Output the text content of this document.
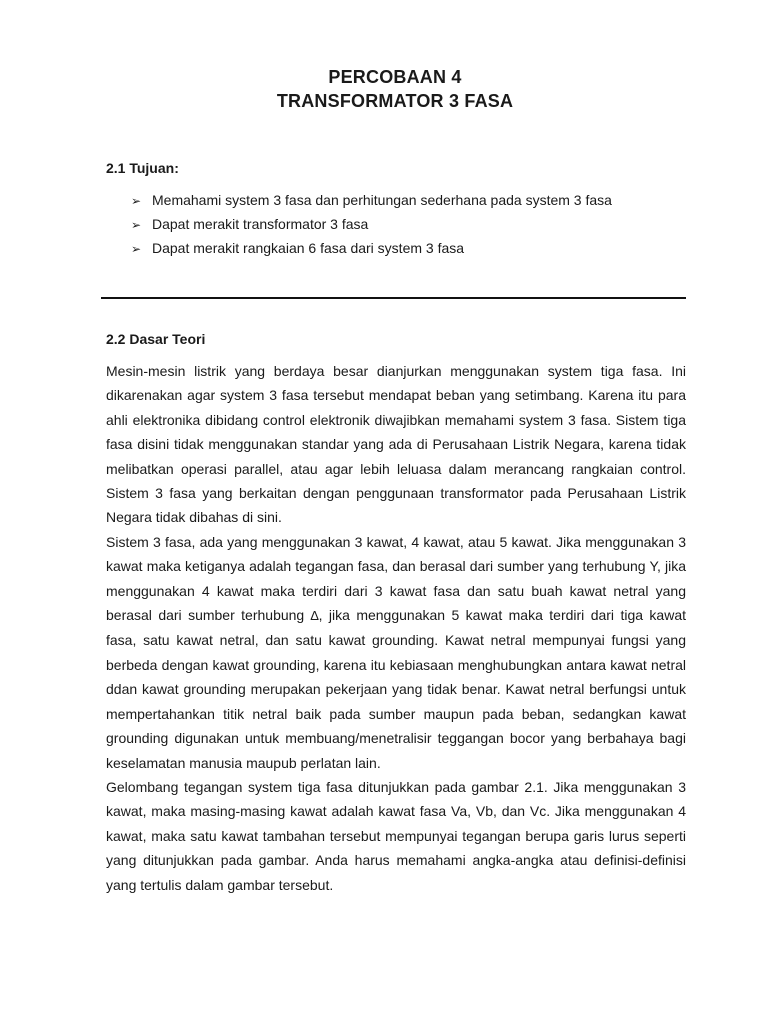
PERCOBAAN 4
TRANSFORMATOR 3 FASA
2.1 Tujuan:
➢ Memahami system 3 fasa dan perhitungan sederhana pada system 3 fasa
➢ Dapat merakit transformator 3 fasa
➢ Dapat merakit rangkaian 6 fasa dari system 3 fasa
2.2 Dasar Teori

Mesin-mesin listrik yang berdaya besar dianjurkan menggunakan system tiga fasa. Ini dikarenakan agar system 3 fasa tersebut mendapat beban yang setimbang. Karena itu para ahli elektronika dibidang control elektronik diwajibkan memahami system 3 fasa. Sistem tiga fasa disini tidak menggunakan standar yang ada di Perusahaan Listrik Negara, karena tidak melibatkan operasi parallel, atau agar lebih leluasa dalam merancang rangkaian control. Sistem 3 fasa yang berkaitan dengan penggunaan transformator pada Perusahaan Listrik Negara tidak dibahas di sini.

Sistem 3 fasa, ada yang menggunakan 3 kawat, 4 kawat, atau 5 kawat. Jika menggunakan 3 kawat maka ketiganya adalah tegangan fasa, dan berasal dari sumber yang terhubung Y, jika menggunakan 4 kawat maka terdiri dari 3 kawat fasa dan satu buah kawat netral yang berasal dari sumber terhubung ∆, jika menggunakan 5 kawat maka terdiri dari tiga kawat fasa, satu kawat netral, dan satu kawat grounding. Kawat netral mempunyai fungsi yang berbeda dengan kawat grounding, karena itu kebiasaan menghubungkan antara kawat netral ddan kawat grounding merupakan pekerjaan yang tidak benar. Kawat netral berfungsi untuk mempertahankan titik netral baik pada sumber maupun pada beban, sedangkan kawat grounding digunakan untuk membuang/menetralisir teggangan bocor yang berbahaya bagi keselamatan manusia maupub perlatan lain.

Gelombang tegangan system tiga fasa ditunjukkan pada gambar 2.1. Jika menggunakan 3 kawat, maka masing-masing kawat adalah kawat fasa Va, Vb, dan Vc. Jika menggunakan 4 kawat, maka satu kawat tambahan tersebut mempunyai tegangan berupa garis lurus seperti yang ditunjukkan pada gambar. Anda harus memahami angka-angka atau definisi-definisi yang tertulis dalam gambar tersebut.
